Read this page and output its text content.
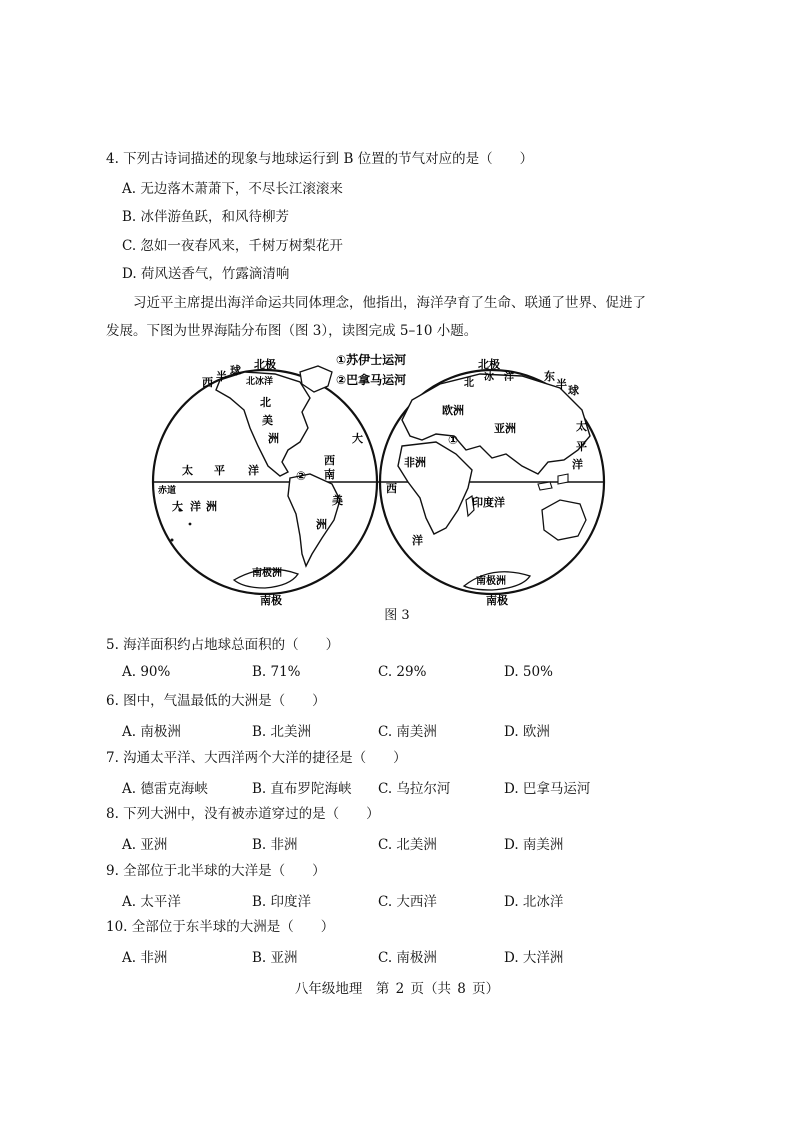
4. 下列古诗词描述的现象与地球运行到 B 位置的节气对应的是（　　）
A. 无边落木萧萧下，不尽长江滚滚来
B. 冰伴游鱼跃，和风待柳芳
C. 忽如一夜春风来，千树万树梨花开
D. 荷风送香气，竹露滴清响
习近平主席提出海洋命运共同体理念，他指出，海洋孕育了生命、联通了世界、促进了
发展。下图为世界海陆分布图（图 3），读图完成 5–10 小题。
①苏伊士运河
②巴拿马运河
西 半 球 北极
北冰洋
北
美
洲	大
西
南
太 平 洋
赤道
大 洋 洲	美
洲
南极洲
南极
北极
东
半 球
北
冰 洋
欧洲
亚洲
非洲
印度洋
西
洋
太
平
洋
南极洲
南极
①
②
图 3
5. 海洋面积约占地球总面积的（　　）
A. 90%	B. 71%	C. 29%	D. 50%
6. 图中，气温最低的大洲是（　　）
A. 南极洲	B. 北美洲	C. 南美洲	D. 欧洲
7. 沟通太平洋、大西洋两个大洋的捷径是（　　）
A. 德雷克海峡	B. 直布罗陀海峡 C. 乌拉尔河	D. 巴拿马运河
8. 下列大洲中，没有被赤道穿过的是（　　）
A. 亚洲	B. 非洲	C. 北美洲	D. 南美洲
9. 全部位于北半球的大洋是（　　）
A. 太平洋	B. 印度洋	C. 大西洋	D. 北冰洋
10. 全部位于东半球的大洲是（　　）
A. 非洲	B. 亚洲	C. 南极洲	D. 大洋洲
八年级地理　第 2 页（共 8 页）
